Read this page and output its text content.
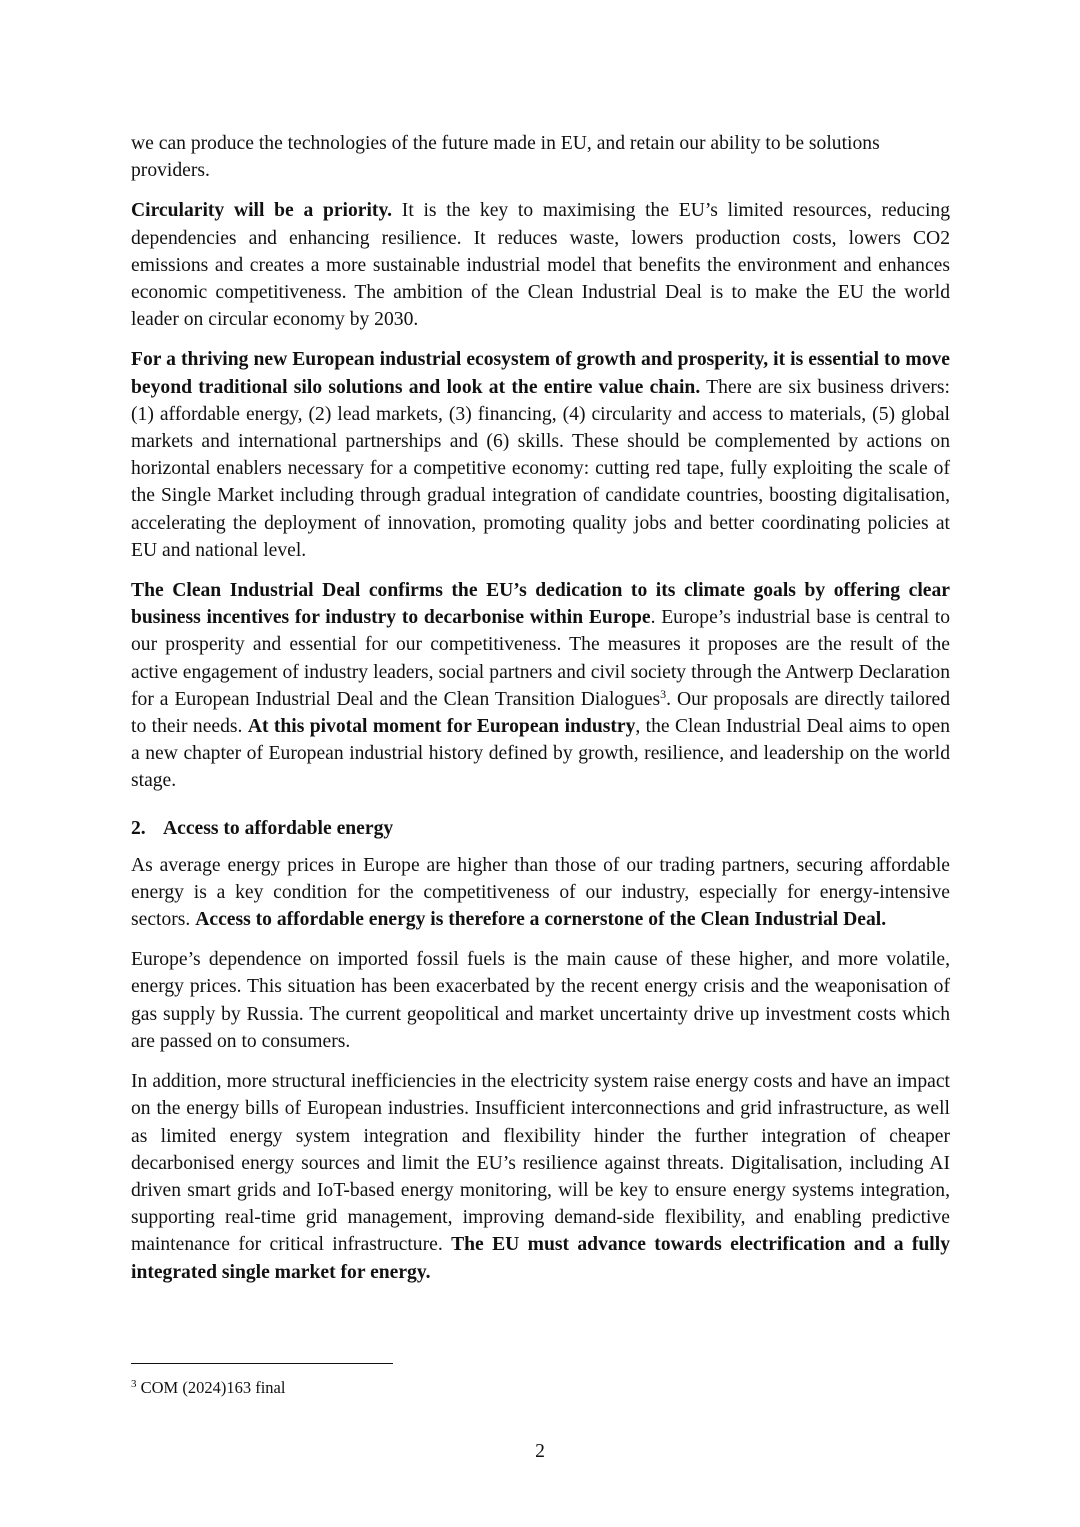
we can produce the technologies of the future made in EU, and retain our ability to be solutions providers.

Circularity will be a priority. It is the key to maximising the EU’s limited resources, reducing dependencies and enhancing resilience. It reduces waste, lowers production costs, lowers CO2 emissions and creates a more sustainable industrial model that benefits the environment and enhances economic competitiveness. The ambition of the Clean Industrial Deal is to make the EU the world leader on circular economy by 2030.

For a thriving new European industrial ecosystem of growth and prosperity, it is essential to move beyond traditional silo solutions and look at the entire value chain. There are six business drivers: (1) affordable energy, (2) lead markets, (3) financing, (4) circularity and access to materials, (5) global markets and international partnerships and (6) skills. These should be complemented by actions on horizontal enablers necessary for a competitive economy: cutting red tape, fully exploiting the scale of the Single Market including through gradual integration of candidate countries, boosting digitalisation, accelerating the deployment of innovation, promoting quality jobs and better coordinating policies at EU and national level.

The Clean Industrial Deal confirms the EU’s dedication to its climate goals by offering clear business incentives for industry to decarbonise within Europe. Europe’s industrial base is central to our prosperity and essential for our competitiveness. The measures it proposes are the result of the active engagement of industry leaders, social partners and civil society through the Antwerp Declaration for a European Industrial Deal and the Clean Transition Dialogues$^3$. Our proposals are directly tailored to their needs. At this pivotal moment for European industry, the Clean Industrial Deal aims to open a new chapter of European industrial history defined by growth, resilience, and leadership on the world stage.

2. Access to affordable energy

As average energy prices in Europe are higher than those of our trading partners, securing affordable energy is a key condition for the competitiveness of our industry, especially for energy-intensive sectors. Access to affordable energy is therefore a cornerstone of the Clean Industrial Deal.

Europe’s dependence on imported fossil fuels is the main cause of these higher, and more volatile, energy prices. This situation has been exacerbated by the recent energy crisis and the weaponisation of gas supply by Russia. The current geopolitical and market uncertainty drive up investment costs which are passed on to consumers.

In addition, more structural inefficiencies in the electricity system raise energy costs and have an impact on the energy bills of European industries. Insufficient interconnections and grid infrastructure, as well as limited energy system integration and flexibility hinder the further integration of cheaper decarbonised energy sources and limit the EU’s resilience against threats. Digitalisation, including AI driven smart grids and IoT-based energy monitoring, will be key to ensure energy systems integration, supporting real-time grid management, improving demand-side flexibility, and enabling predictive maintenance for critical infrastructure. The EU must advance towards electrification and a fully integrated single market for energy.

$^3$ COM (2024)163 final
2
